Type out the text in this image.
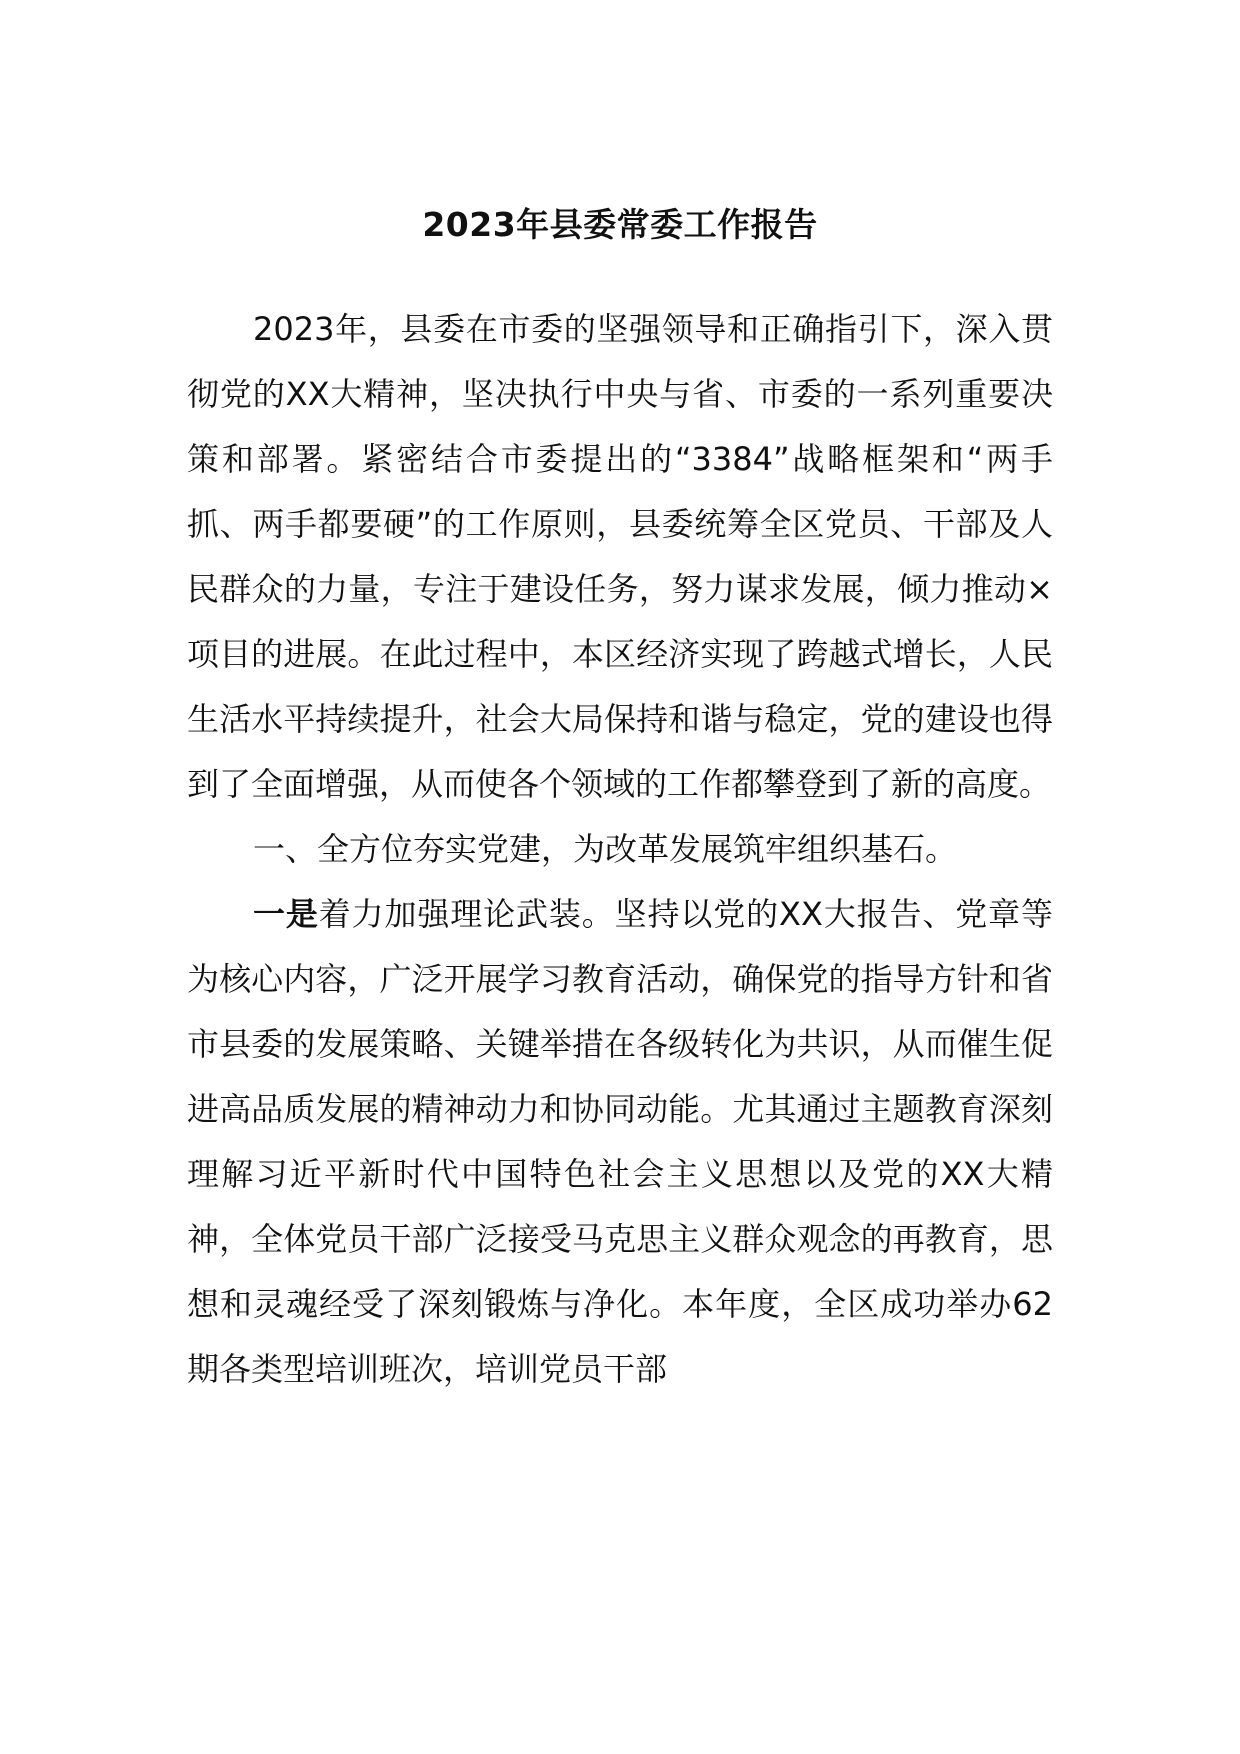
2023年县委常委工作报告

2023年，县委在市委的坚强领导和正确指引下，深入贯彻党的XX大精神，坚决执行中央与省、市委的一系列重要决策和部署。紧密结合市委提出的“3384”战略框架和“两手抓、两手都要硬”的工作原则，县委统筹全区党员、干部及人民群众的力量，专注于建设任务，努力谋求发展，倾力推动×项目的进展。在此过程中，本区经济实现了跨越式增长，人民生活水平持续提升，社会大局保持和谐与稳定，党的建设也得到了全面增强，从而使各个领域的工作都攀登到了新的高度。

一、全方位夯实党建，为改革发展筑牢组织基石。

一是着力加强理论武装。坚持以党的XX大报告、党章等为核心内容，广泛开展学习教育活动，确保党的指导方针和省市县委的发展策略、关键举措在各级转化为共识，从而催生促进高品质发展的精神动力和协同动能。尤其通过主题教育深刻理解习近平新时代中国特色社会主义思想以及党的XX大精神，全体党员干部广泛接受马克思主义群众观念的再教育，思想和灵魂经受了深刻锻炼与净化。本年度，全区成功举办62期各类型培训班次，培训党员干部
